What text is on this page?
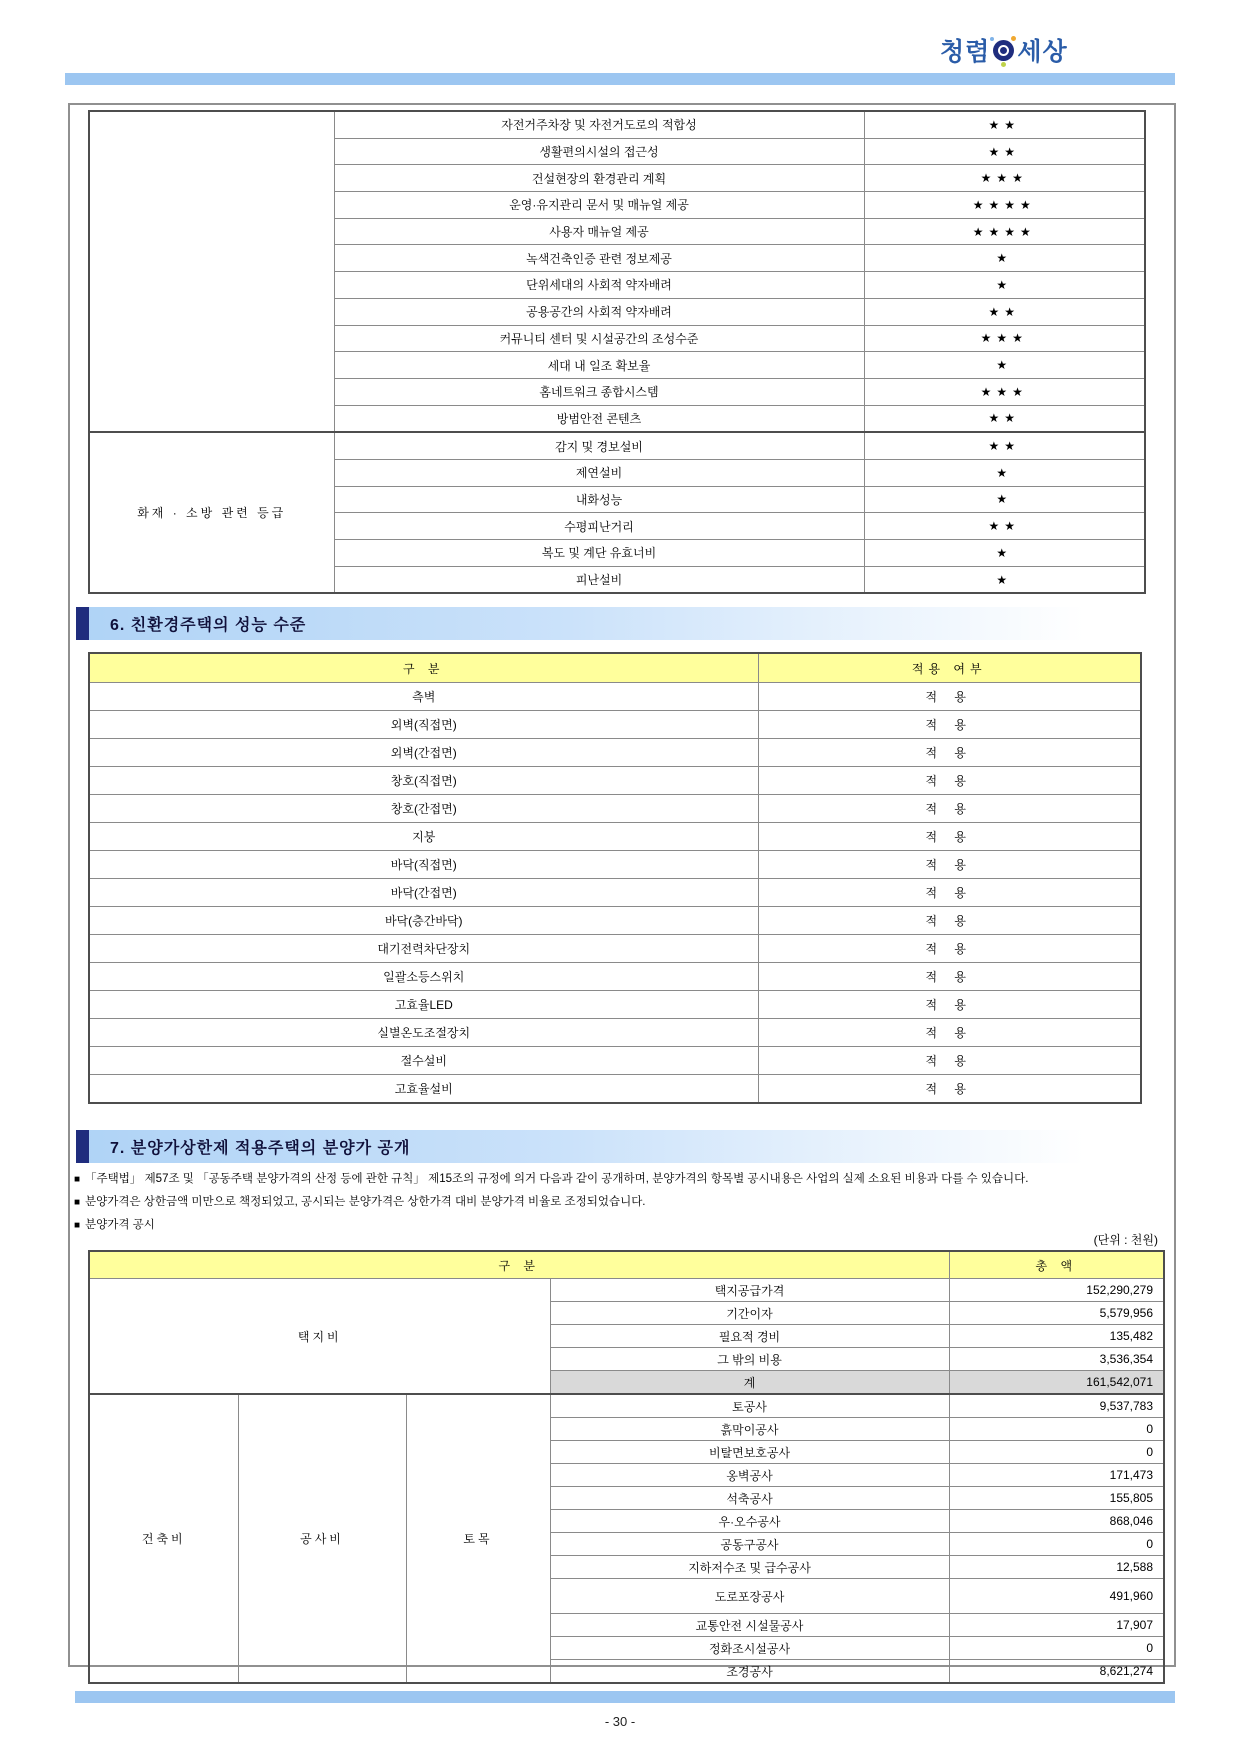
청렴 세상
	자전거주차장 및 자전거도로의 적합성	★★
	생활편의시설의 접근성	★★
	건설현장의 환경관리 계획	★★★
	운영·유지관리 문서 및 매뉴얼 제공	★★★★
	사용자 매뉴얼 제공	★★★★
	녹색건축인증 관련 정보제공	★
	단위세대의 사회적 약자배려	★
	공용공간의 사회적 약자배려	★★
	커뮤니티 센터 및 시설공간의 조성수준	★★★
	세대 내 일조 확보율	★
	홈네트워크 종합시스템	★★★
	방범안전 콘텐츠	★★
화재 · 소방 관련 등급	감지 및 경보설비	★★
	제연설비	★
	내화성능	★
	수평피난거리	★★
	복도 및 계단 유효너비	★
	피난설비	★
6. 친환경주택의 성능 수준
구 분	적용 여부
측벽	적 용
외벽(직접면)	적 용
외벽(간접면)	적 용
창호(직접면)	적 용
창호(간접면)	적 용
지붕	적 용
바닥(직접면)	적 용
바닥(간접면)	적 용
바닥(층간바닥)	적 용
대기전력차단장치	적 용
일괄소등스위치	적 용
고효율LED	적 용
실별온도조절장치	적 용
절수설비	적 용
고효율설비	적 용
7. 분양가상한제 적용주택의 분양가 공개
■ 「주택법」 제57조 및 「공동주택 분양가격의 산정 등에 관한 규칙」 제15조의 규정에 의거 다음과 같이 공개하며, 분양가격의 항목별 공시내용은 사업의 실제 소요된 비용과 다를 수 있습니다.
■ 분양가격은 상한금액 미만으로 책정되었고, 공시되는 분양가격은 상한가격 대비 분양가격 비율로 조정되었습니다.
■ 분양가격 공시
(단위 : 천원)
구 분				총 액
택지비			택지공급가격	152,290,279
			기간이자	5,579,956
			필요적 경비	135,482
			그 밖의 비용	3,536,354
			계	161,542,071
건축비	공사비	토목	토공사	9,537,783
			흙막이공사	0
			비탈면보호공사	0
			옹벽공사	171,473
			석축공사	155,805
			우·오수공사	868,046
			공동구공사	0
			지하저수조 및 급수공사	12,588
			도로포장공사	491,960
			교통안전 시설물공사	17,907
			정화조시설공사	0
			조경공사	8,621,274
- 30 -
